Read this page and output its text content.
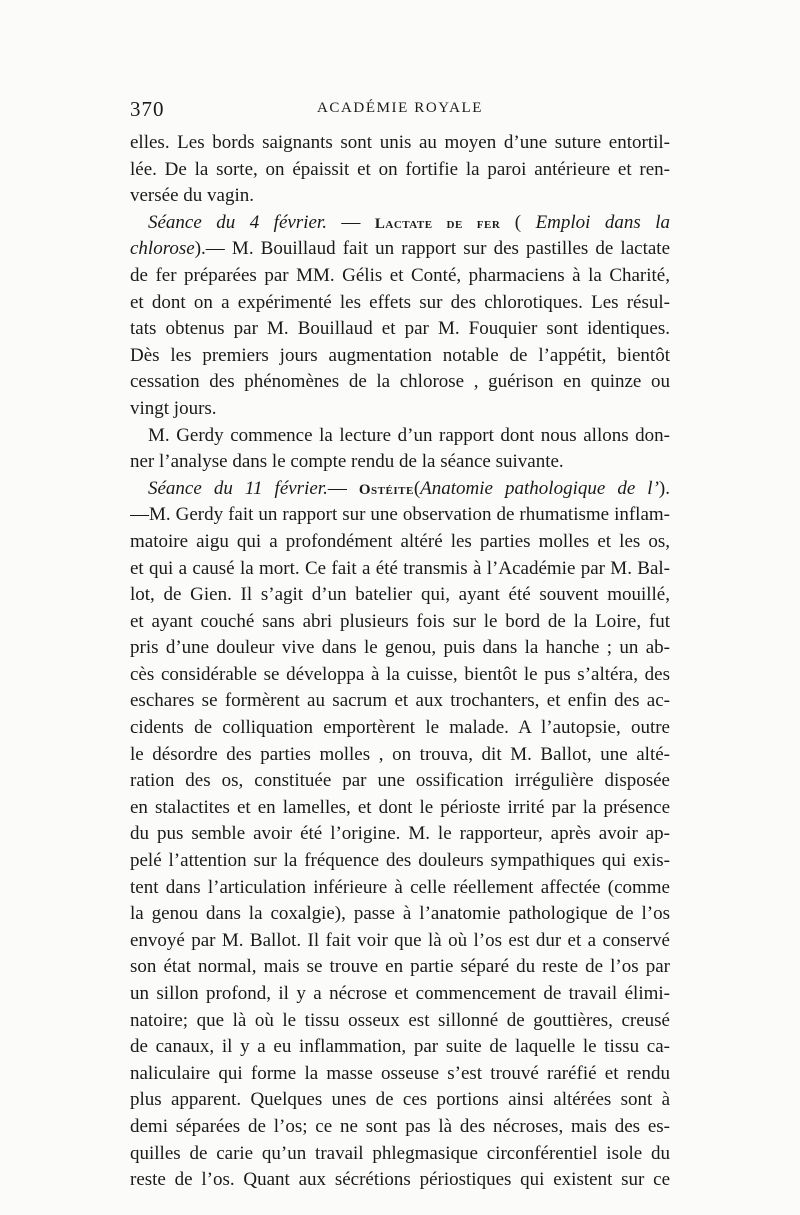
370	ACADÉMIE ROYALE
elles. Les bords saignants sont unis au moyen d’une suture entortil-
lée. De la sorte, on épaissit et on fortifie la paroi antérieure et ren-
versée du vagin.
Séance du 4 février. — Lactate de fer ( Emploi dans la
chlorose).— M. Bouillaud fait un rapport sur des pastilles de lactate
de fer préparées par MM. Gélis et Conté, pharmaciens à la Charité,
et dont on a expérimenté les effets sur des chlorotiques. Les résul-
tats obtenus par M. Bouillaud et par M. Fouquier sont identiques.
Dès les premiers jours augmentation notable de l’appétit, bientôt
cessation des phénomènes de la chlorose , guérison en quinze ou
vingt jours.
M. Gerdy commence la lecture d’un rapport dont nous allons don-
ner l’analyse dans le compte rendu de la séance suivante.
Séance du 11 février.— Ostéite(Anatomie pathologique de l’).
—M. Gerdy fait un rapport sur une observation de rhumatisme inflam-
matoire aigu qui a profondément altéré les parties molles et les os,
et qui a causé la mort. Ce fait a été transmis à l’Académie par M. Bal-
lot, de Gien. Il s’agit d’un batelier qui, ayant été souvent mouillé,
et ayant couché sans abri plusieurs fois sur le bord de la Loire, fut
pris d’une douleur vive dans le genou, puis dans la hanche ; un ab-
cès considérable se développa à la cuisse, bientôt le pus s’altéra, des
eschares se formèrent au sacrum et aux trochanters, et enfin des ac-
cidents de colliquation emportèrent le malade. A l’autopsie, outre
le désordre des parties molles , on trouva, dit M. Ballot, une alté-
ration des os, constituée par une ossification irrégulière disposée
en stalactites et en lamelles, et dont le périoste irrité par la présence
du pus semble avoir été l’origine. M. le rapporteur, après avoir ap-
pelé l’attention sur la fréquence des douleurs sympathiques qui exis-
tent dans l’articulation inférieure à celle réellement affectée (comme
la genou dans la coxalgie), passe à l’anatomie pathologique de l’os
envoyé par M. Ballot. Il fait voir que là où l’os est dur et a conservé
son état normal, mais se trouve en partie séparé du reste de l’os par
un sillon profond, il y a nécrose et commencement de travail élimi-
natoire; que là où le tissu osseux est sillonné de gouttières, creusé
de canaux, il y a eu inflammation, par suite de laquelle le tissu ca-
naliculaire qui forme la masse osseuse s’est trouvé raréfié et rendu
plus apparent. Quelques unes de ces portions ainsi altérées sont à
demi séparées de l’os; ce ne sont pas là des nécroses, mais des es-
quilles de carie qu’un travail phlegmasique circonférentiel isole du
reste de l’os. Quant aux sécrétions périostiques qui existent sur ce
